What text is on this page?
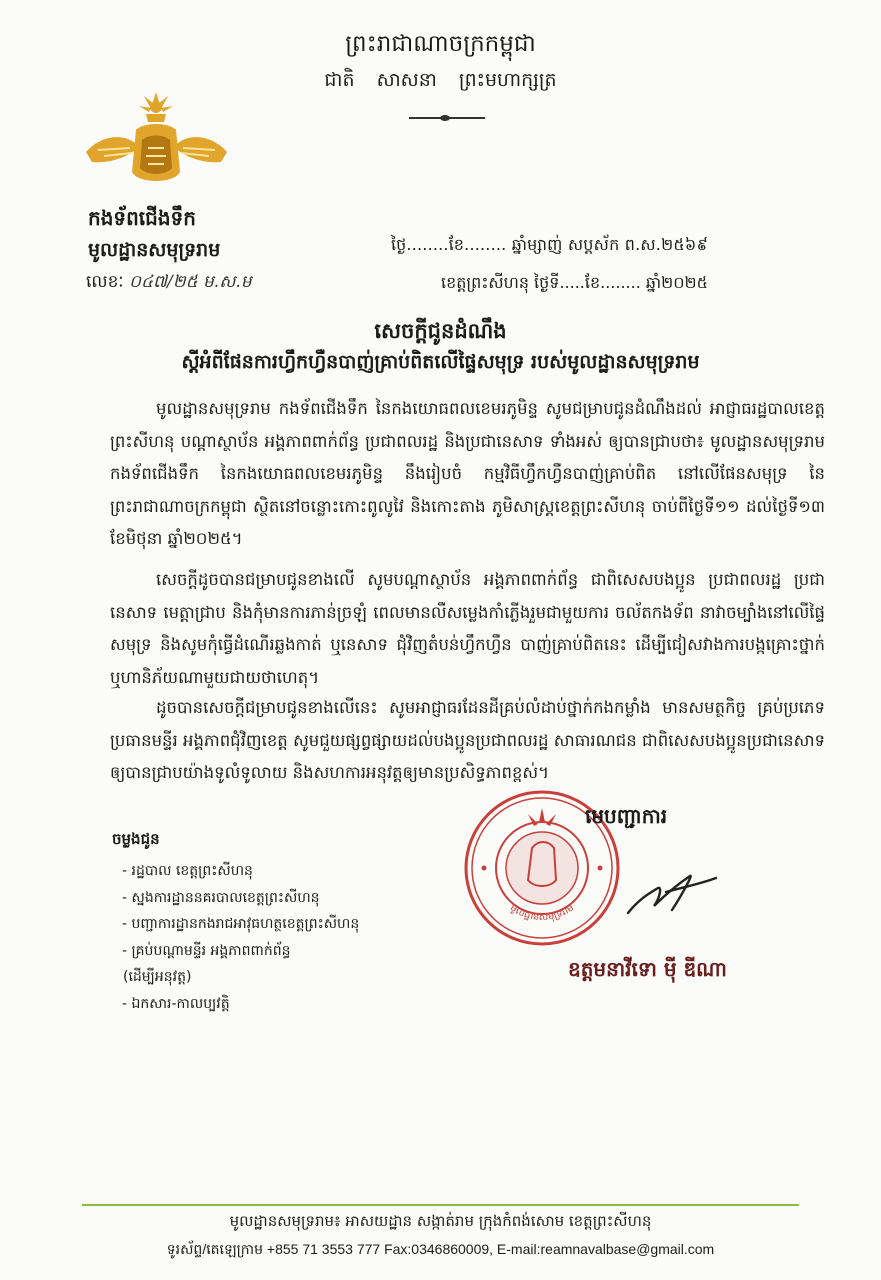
ព្រះរាជាណាចក្រកម្ពុជា
ជាតិ សាសនា ព្រះមហាក្សត្រ
កងទ័ពជើងទឹក
មូលដ្ឋានសមុទ្ររាម
លេខៈ ០៤៧/២៥ ម.ស.ម
ថ្ងៃ........ខែ........ ឆ្នាំម្សាញ់ សប្តស័ក ព.ស.២៥៦៩
ខេត្តព្រះសីហនុ ថ្ងៃទី.....ខែ........ ឆ្នាំ២០២៥
សេចក្តីជូនដំណឹង
ស្តីអំពីផែនការហ្វឹកហ្វឺនបាញ់គ្រាប់ពិតលើផ្ទៃសមុទ្រ របស់មូលដ្ឋានសមុទ្ររាម

មូលដ្ឋានសមុទ្ររាម កងទ័ពជើងទឹក នៃកងយោធពលខេមរភូមិន្ទ សូមជម្រាបជូនដំណឹងដល់ អាជ្ញាធរដ្ឋបាលខេត្តព្រះសីហនុ បណ្តាស្ថាប័ន អង្គភាពពាក់ព័ន្ធ ប្រជាពលរដ្ឋ និងប្រជានេសាទ ទាំងអស់ ឲ្យបានជ្រាបថា៖ មូលដ្ឋានសមុទ្ររាម កងទ័ពជើងទឹក នៃកងយោធពលខេមរភូមិន្ទ នឹងរៀបចំ កម្មវិធីហ្វឹកហ្វឺនបាញ់គ្រាប់ពិត នៅលើផែនសមុទ្រ នៃព្រះរាជាណាចក្រកម្ពុជា ស្ថិតនៅចន្លោះកោះពូលូវៃ និងកោះតាង ភូមិសាស្រ្តខេត្តព្រះសីហនុ ចាប់ពីថ្ងៃទី១១ ដល់ថ្ងៃទី១៣ ខែមិថុនា ឆ្នាំ២០២៥។

សេចក្តីដូចបានជម្រាបជូនខាងលើ សូមបណ្តាស្ថាប័ន អង្គភាពពាក់ព័ន្ធ ជាពិសេសបងប្អូន ប្រជាពលរដ្ឋ ប្រជានេសាទ មេត្តាជ្រាប និងកុំមានការភាន់ច្រឡំ ពេលមានលឺសម្លេងកាំភ្លើងរួមជាមួយការ ចល័តកងទ័ព នាវាចម្បាំងនៅលើផ្ទៃសមុទ្រ និងសូមកុំធ្វើដំណើរឆ្លងកាត់ ឬនេសាទ ជុំវិញតំបន់ហ្វឹកហ្វឺន បាញ់គ្រាប់ពិតនេះ ដើម្បីជៀសវាងការបង្កគ្រោះថ្នាក់ ឬហានិភ័យណាមួយជាយថាហេតុ។

ដូចបានសេចក្តីជម្រាបជូនខាងលើនេះ សូមអាជ្ញាធរដែនដីគ្រប់លំដាប់ថ្នាក់កងកម្លាំង មានសមត្ថកិច្ច គ្រប់ប្រភេទ ប្រធានមន្ទីរ អង្គភាពជុំវិញខេត្ត សូមជួយផ្សព្វផ្សាយដល់បងប្អូនប្រជាពលរដ្ឋ សាធារណជន ជាពិសេសបងប្អូនប្រជានេសាទ ឲ្យបានជ្រាបយ៉ាងទូលំទូលាយ និងសហការអនុវត្តឲ្យមានប្រសិទ្ធភាពខ្ពស់។

ចម្លងជូន
- រដ្ឋបាល ខេត្តព្រះសីហនុ
- ស្នងការដ្ឋាននគរបាលខេត្តព្រះសីហនុ
- បញ្ជាការដ្ឋានកងរាជអាវុធហត្ថខេត្តព្រះសីហនុ
- គ្រប់បណ្តាមន្ទីរ អង្គភាពពាក់ព័ន្ធ
(ដើម្បីអនុវត្ត)
- ឯកសារ-កាលប្បវត្តិ
មូលដ្ឋានសមុទ្ររាម
មេបញ្ជាការ
ឧត្តមនាវីទោ ម៉ី ឌីណា
មូលដ្ឋានសមុទ្ររាម៖ អាសយដ្ឋាន សង្កាត់រាម ក្រុងកំពង់សោម ខេត្តព្រះសីហនុ
ទូរស័ព្ទ/តេឡេក្រាម +855 71 3553 777 Fax:0346860009, E-mail:reamnavalbase@gmail.com
